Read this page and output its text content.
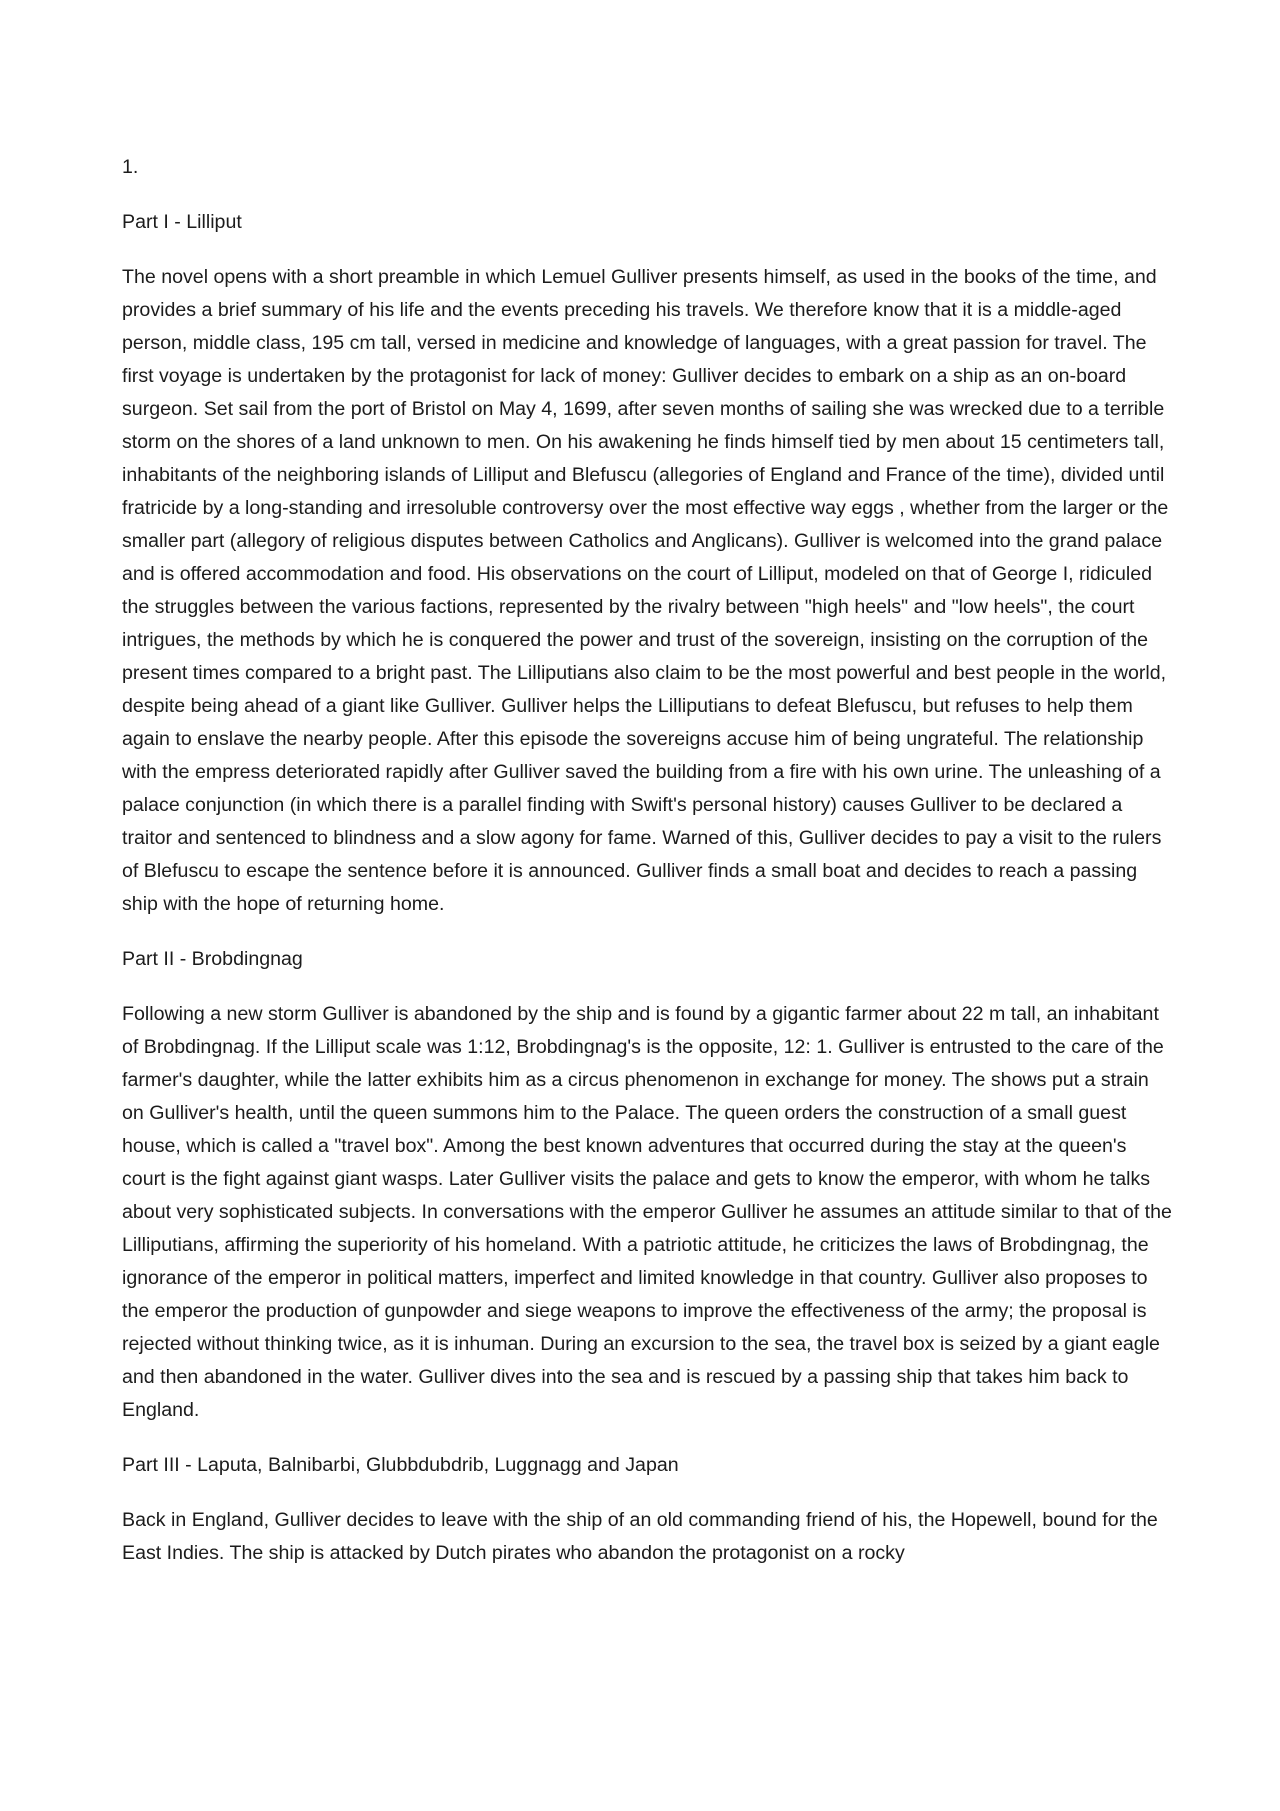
1.

Part I - Lilliput

The novel opens with a short preamble in which Lemuel Gulliver presents himself, as used in the books of the time, and provides a brief summary of his life and the events preceding his travels. We therefore know that it is a middle-aged person, middle class, 195 cm tall, versed in medicine and knowledge of languages, with a great passion for travel. The first voyage is undertaken by the protagonist for lack of money: Gulliver decides to embark on a ship as an on-board surgeon. Set sail from the port of Bristol on May 4, 1699, after seven months of sailing she was wrecked due to a terrible storm on the shores of a land unknown to men. On his awakening he finds himself tied by men about 15 centimeters tall, inhabitants of the neighboring islands of Lilliput and Blefuscu (allegories of England and France of the time), divided until fratricide by a long-standing and irresoluble controversy over the most effective way eggs , whether from the larger or the smaller part (allegory of religious disputes between Catholics and Anglicans). Gulliver is welcomed into the grand palace and is offered accommodation and food. His observations on the court of Lilliput, modeled on that of George I, ridiculed the struggles between the various factions, represented by the rivalry between "high heels" and "low heels", the court intrigues, the methods by which he is conquered the power and trust of the sovereign, insisting on the corruption of the present times compared to a bright past. The Lilliputians also claim to be the most powerful and best people in the world, despite being ahead of a giant like Gulliver. Gulliver helps the Lilliputians to defeat Blefuscu, but refuses to help them again to enslave the nearby people. After this episode the sovereigns accuse him of being ungrateful. The relationship with the empress deteriorated rapidly after Gulliver saved the building from a fire with his own urine. The unleashing of a palace conjunction (in which there is a parallel finding with Swift's personal history) causes Gulliver to be declared a traitor and sentenced to blindness and a slow agony for fame. Warned of this, Gulliver decides to pay a visit to the rulers of Blefuscu to escape the sentence before it is announced. Gulliver finds a small boat and decides to reach a passing ship with the hope of returning home.

Part II - Brobdingnag

Following a new storm Gulliver is abandoned by the ship and is found by a gigantic farmer about 22 m tall, an inhabitant of Brobdingnag. If the Lilliput scale was 1:12, Brobdingnag's is the opposite, 12: 1. Gulliver is entrusted to the care of the farmer's daughter, while the latter exhibits him as a circus phenomenon in exchange for money. The shows put a strain on Gulliver's health, until the queen summons him to the Palace. The queen orders the construction of a small guest house, which is called a "travel box". Among the best known adventures that occurred during the stay at the queen's court is the fight against giant wasps. Later Gulliver visits the palace and gets to know the emperor, with whom he talks about very sophisticated subjects. In conversations with the emperor Gulliver he assumes an attitude similar to that of the Lilliputians, affirming the superiority of his homeland. With a patriotic attitude, he criticizes the laws of Brobdingnag, the ignorance of the emperor in political matters, imperfect and limited knowledge in that country. Gulliver also proposes to the emperor the production of gunpowder and siege weapons to improve the effectiveness of the army; the proposal is rejected without thinking twice, as it is inhuman. During an excursion to the sea, the travel box is seized by a giant eagle and then abandoned in the water. Gulliver dives into the sea and is rescued by a passing ship that takes him back to England.

Part III - Laputa, Balnibarbi, Glubbdubdrib, Luggnagg and Japan

Back in England, Gulliver decides to leave with the ship of an old commanding friend of his, the Hopewell, bound for the East Indies. The ship is attacked by Dutch pirates who abandon the protagonist on a rocky
